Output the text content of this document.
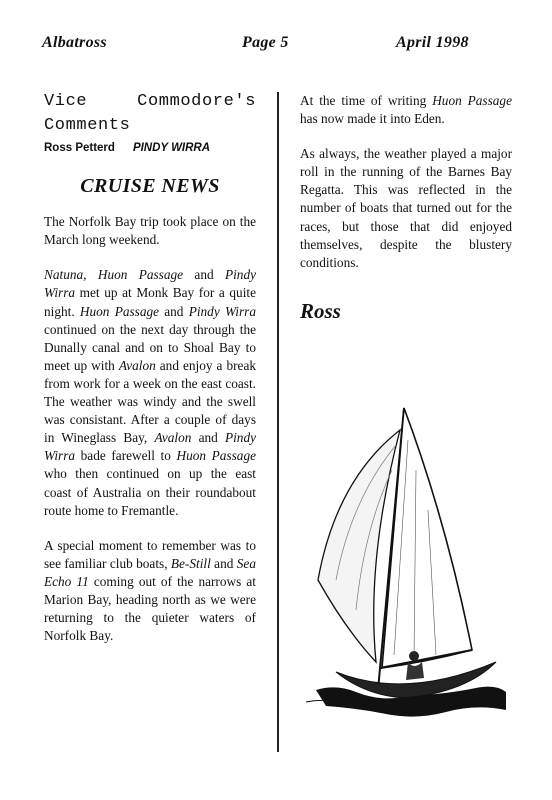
Albatross	Page 5	April 1998
Vice	Commodore's
Comments
Ross Petterd PINDY WIRRA
CRUISE NEWS

The Norfolk Bay trip took place on the March long weekend.

Natuna, Huon Passage and Pindy Wirra met up at Monk Bay for a quite night. Huon Passage and Pindy Wirra continued on the next day through the Dunally canal and on to Shoal Bay to meet up with Avalon and enjoy a break from work for a week on the east coast. The weather was windy and the swell was consistant. After a couple of days in Wineglass Bay, Avalon and Pindy Wirra bade farewell to Huon Passage who then continued on up the east coast of Australia on their roundabout route home to Fremantle.

A special moment to remember was to see familiar club boats, Be-Still and Sea Echo 11 coming out of the narrows at Marion Bay, heading north as we were returning to the quieter waters of Norfolk Bay.

At the time of writing Huon Passage has now made it into Eden.

As always, the weather played a major roll in the running of the Barnes Bay Regatta. This was reflected in the number of boats that turned out for the races, but those that did enjoyed themselves, despite the blustery conditions.

Ross
